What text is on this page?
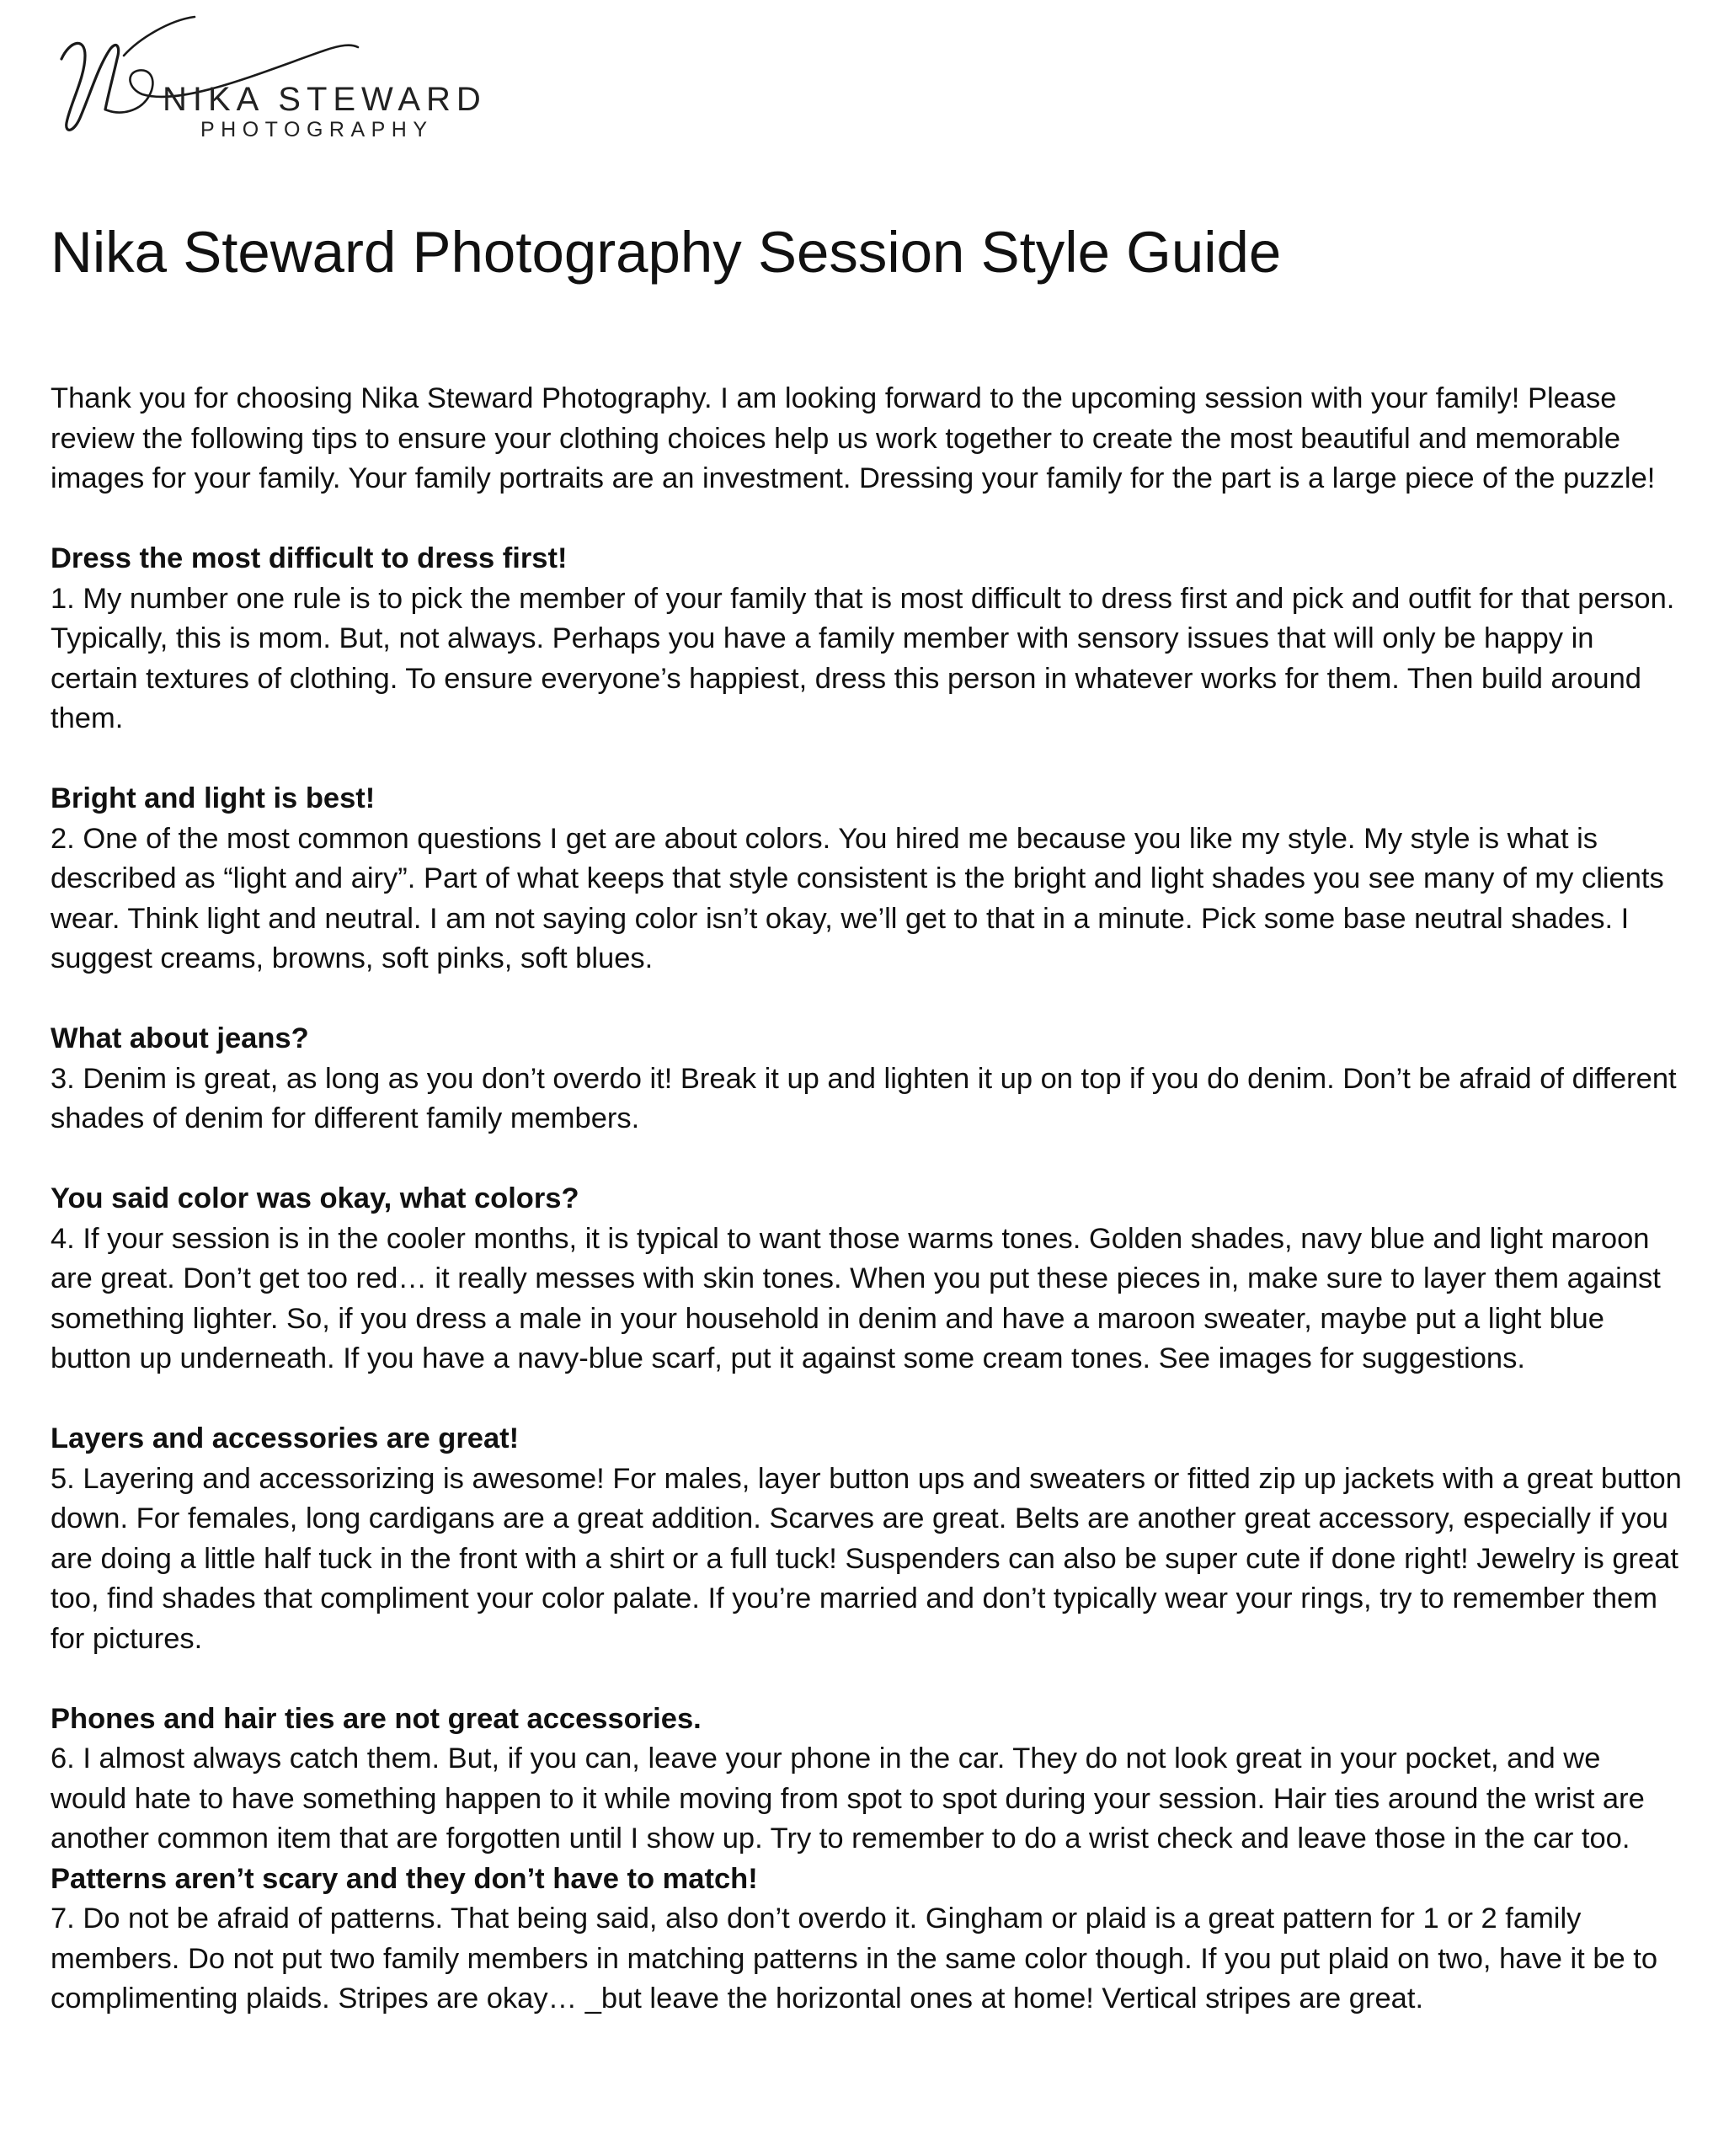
NIKA STEWARD
PHOTOGRAPHY
Nika Steward Photography Session Style Guide

Thank you for choosing Nika Steward Photography. I am looking forward to the upcoming session with your family! Please review the following tips to ensure your clothing choices help us work together to create the most beautiful and memorable images for your family. Your family portraits are an investment. Dressing your family for the part is a large piece of the puzzle!

Dress the most difficult to dress first!

1. My number one rule is to pick the member of your family that is most difficult to dress first and pick and outfit for that person. Typically, this is mom. But, not always. Perhaps you have a family member with sensory issues that will only be happy in certain textures of clothing. To ensure everyone’s happiest, dress this person in whatever works for them. Then build around them.

Bright and light is best!

2. One of the most common questions I get are about colors. You hired me because you like my style. My style is what is described as “light and airy”. Part of what keeps that style consistent is the bright and light shades you see many of my clients wear. Think light and neutral. I am not saying color isn’t okay, we’ll get to that in a minute. Pick some base neutral shades. I suggest creams, browns, soft pinks, soft blues.

What about jeans?

3. Denim is great, as long as you don’t overdo it! Break it up and lighten it up on top if you do denim. Don’t be afraid of different shades of denim for different family members.

You said color was okay, what colors?

4. If your session is in the cooler months, it is typical to want those warms tones. Golden shades, navy blue and light maroon are great. Don’t get too red… it really messes with skin tones. When you put these pieces in, make sure to layer them against something lighter. So, if you dress a male in your household in denim and have a maroon sweater, maybe put a light blue button up underneath. If you have a navy-blue scarf, put it against some cream tones. See images for suggestions.

Layers and accessories are great!

5. Layering and accessorizing is awesome! For males, layer button ups and sweaters or fitted zip up jackets with a great button down. For females, long cardigans are a great addition. Scarves are great. Belts are another great accessory, especially if you are doing a little half tuck in the front with a shirt or a full tuck! Suspenders can also be super cute if done right! Jewelry is great too, find shades that compliment your color palate. If you’re married and don’t typically wear your rings, try to remember them for pictures.

Phones and hair ties are not great accessories.

6. I almost always catch them. But, if you can, leave your phone in the car. They do not look great in your pocket, and we would hate to have something happen to it while moving from spot to spot during your session. Hair ties around the wrist are another common item that are forgotten until I show up. Try to remember to do a wrist check and leave those in the car too.

Patterns aren’t scary and they don’t have to match!

7. Do not be afraid of patterns. That being said, also don’t overdo it. Gingham or plaid is a great pattern for 1 or 2 family members. Do not put two family members in matching patterns in the same color though. If you put plaid on two, have it be to complimenting plaids. Stripes are okay… _but leave the horizontal ones at home! Vertical stripes are great.
